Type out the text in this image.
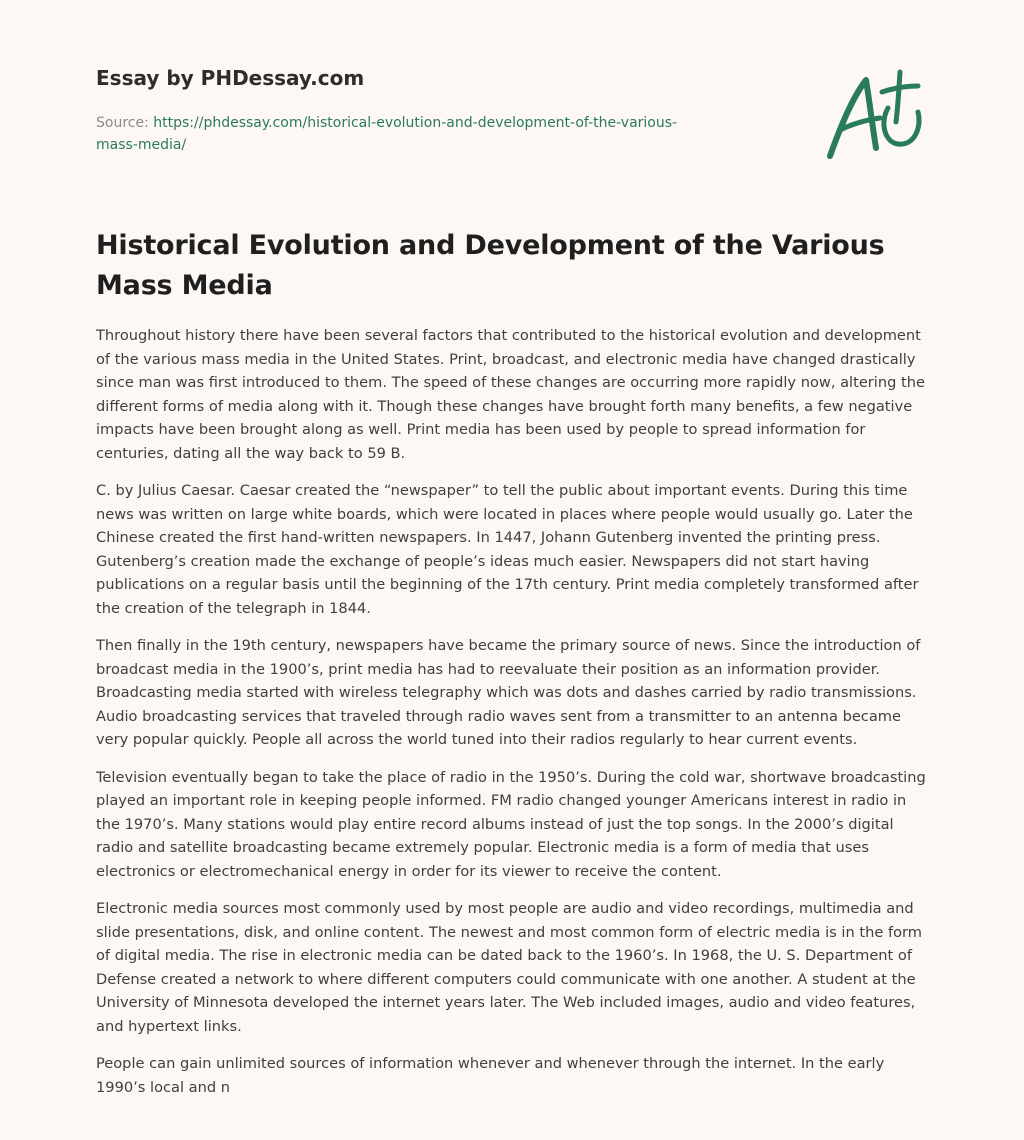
Essay by PHDessay.com
Source: https://phdessay.com/historical-evolution-and-development-of-the-various-
mass-media/
Historical Evolution and Development of the Various Mass Media

Throughout history there have been several factors that contributed to the historical evolution and development of the various mass media in the United States. Print, broadcast, and electronic media have changed drastically since man was first introduced to them. The speed of these changes are occurring more rapidly now, altering the different forms of media along with it. Though these changes have brought forth many benefits, a few negative impacts have been brought along as well. Print media has been used by people to spread information for centuries, dating all the way back to 59 B.

C. by Julius Caesar. Caesar created the “newspaper” to tell the public about important events. During this time news was written on large white boards, which were located in places where people would usually go. Later the Chinese created the first hand-written newspapers. In 1447, Johann Gutenberg invented the printing press. Gutenberg’s creation made the exchange of people’s ideas much easier. Newspapers did not start having publications on a regular basis until the beginning of the 17th century. Print media completely transformed after the creation of the telegraph in 1844.

Then finally in the 19th century, newspapers have became the primary source of news. Since the introduction of broadcast media in the 1900’s, print media has had to reevaluate their position as an information provider. Broadcasting media started with wireless telegraphy which was dots and dashes carried by radio transmissions. Audio broadcasting services that traveled through radio waves sent from a transmitter to an antenna became very popular quickly. People all across the world tuned into their radios regularly to hear current events.

Television eventually began to take the place of radio in the 1950’s. During the cold war, shortwave broadcasting played an important role in keeping people informed. FM radio changed younger Americans interest in radio in the 1970’s. Many stations would play entire record albums instead of just the top songs. In the 2000’s digital radio and satellite broadcasting became extremely popular. Electronic media is a form of media that uses electronics or electromechanical energy in order for its viewer to receive the content.

Electronic media sources most commonly used by most people are audio and video recordings, multimedia and slide presentations, disk, and online content. The newest and most common form of electric media is in the form of digital media. The rise in electronic media can be dated back to the 1960’s. In 1968, the U. S. Department of Defense created a network to where different computers could communicate with one another. A student at the University of Minnesota developed the internet years later. The Web included images, audio and video features, and hypertext links.

People can gain unlimited sources of information whenever and whenever through the internet. In the early 1990’s local and n
